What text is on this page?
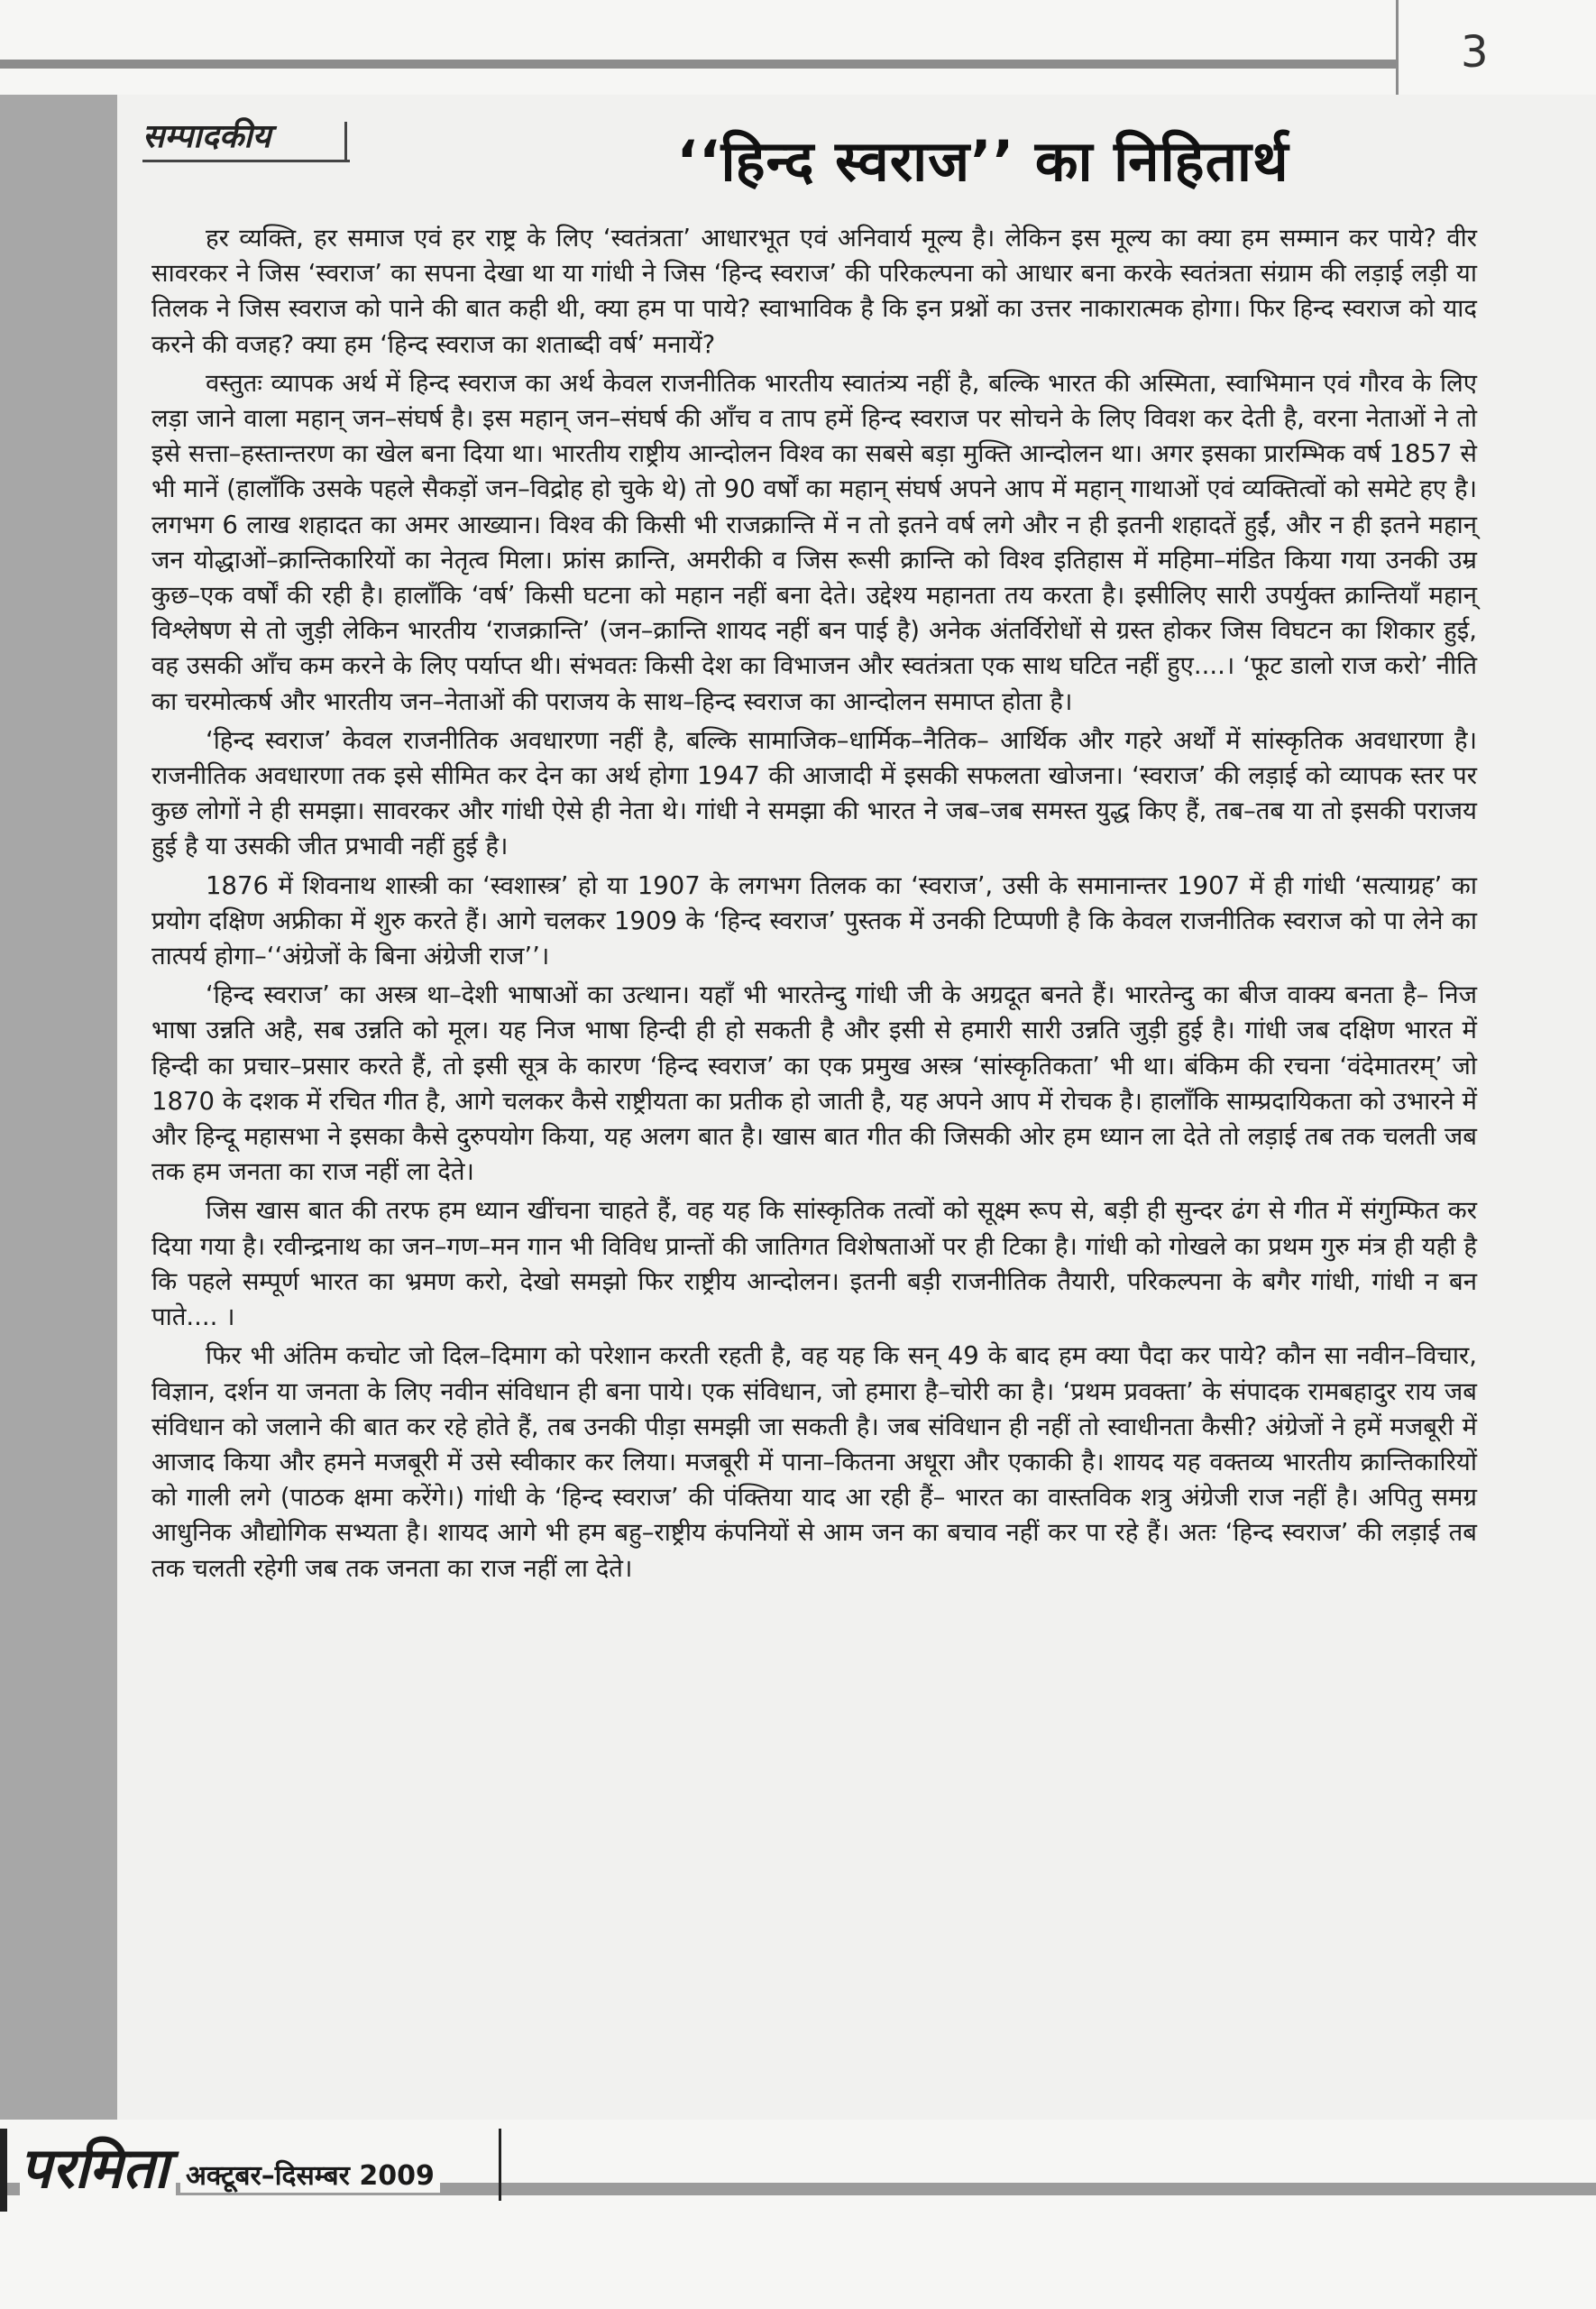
3
सम्पादकीय	‘‘हिन्द स्वराज’’ का निहितार्थ

हर व्यक्ति, हर समाज एवं हर राष्ट्र के लिए ‘स्वतंत्रता’ आधारभूत एवं अनिवार्य मूल्य है। लेकिन इस मूल्य का क्या हम सम्मान कर पाये? वीर सावरकर ने जिस ‘स्वराज’ का सपना देखा था या गांधी ने जिस ‘हिन्द स्वराज’ की परिकल्पना को आधार बना करके स्वतंत्रता संग्राम की लड़ाई लड़ी या तिलक ने जिस स्वराज को पाने की बात कही थी, क्या हम पा पाये? स्वाभाविक है कि इन प्रश्नों का उत्तर नाकारात्मक होगा। फिर हिन्द स्वराज को याद करने की वजह? क्या हम ‘हिन्द स्वराज का शताब्दी वर्ष’ मनायें?

वस्तुतः व्यापक अर्थ में हिन्द स्वराज का अर्थ केवल राजनीतिक भारतीय स्वातंत्र्य नहीं है, बल्कि भारत की अस्मिता, स्वाभिमान एवं गौरव के लिए लड़ा जाने वाला महान् जन–संघर्ष है। इस महान् जन–संघर्ष की आँच व ताप हमें हिन्द स्वराज पर सोचने के लिए विवश कर देती है, वरना नेताओं ने तो इसे सत्ता–हस्तान्तरण का खेल बना दिया था। भारतीय राष्ट्रीय आन्दोलन विश्व का सबसे बड़ा मुक्ति आन्दोलन था। अगर इसका प्रारम्भिक वर्ष 1857 से भी मानें (हालाँकि उसके पहले सैकड़ों जन–विद्रोह हो चुके थे) तो 90 वर्षों का महान् संघर्ष अपने आप में महान् गाथाओं एवं व्यक्तित्वों को समेटे हए है। लगभग 6 लाख शहादत का अमर आख्यान। विश्व की किसी भी राजक्रान्ति में न तो इतने वर्ष लगे और न ही इतनी शहादतें हुईं, और न ही इतने महान् जन योद्धाओं–क्रान्तिकारियों का नेतृत्व मिला। फ्रांस क्रान्ति, अमरीकी व जिस रूसी क्रान्ति को विश्व इतिहास में महिमा–मंडित किया गया उनकी उम्र कुछ–एक वर्षों की रही है। हालाँकि ‘वर्ष’ किसी घटना को महान नहीं बना देते। उद्देश्य महानता तय करता है। इसीलिए सारी उपर्युक्त क्रान्तियाँ महान् विश्लेषण से तो जुड़ी लेकिन भारतीय ‘राजक्रान्ति’ (जन–क्रान्ति शायद नहीं बन पाई है) अनेक अंतर्विरोधों से ग्रस्त होकर जिस विघटन का शिकार हुई, वह उसकी आँच कम करने के लिए पर्याप्त थी। संभवतः किसी देश का विभाजन और स्वतंत्रता एक साथ घटित नहीं हुए....। ‘फूट डालो राज करो’ नीति का चरमोत्कर्ष और भारतीय जन–नेताओं की पराजय के साथ–हिन्द स्वराज का आन्दोलन समाप्त होता है।

‘हिन्द स्वराज’ केवल राजनीतिक अवधारणा नहीं है, बल्कि सामाजिक–धार्मिक–नैतिक– आर्थिक और गहरे अर्थों में सांस्कृतिक अवधारणा है। राजनीतिक अवधारणा तक इसे सीमित कर देन का अर्थ होगा 1947 की आजादी में इसकी सफलता खोजना। ‘स्वराज’ की लड़ाई को व्यापक स्तर पर कुछ लोगों ने ही समझा। सावरकर और गांधी ऐसे ही नेता थे। गांधी ने समझा की भारत ने जब–जब समस्त युद्ध किए हैं, तब–तब या तो इसकी पराजय हुई है या उसकी जीत प्रभावी नहीं हुई है।

1876 में शिवनाथ शास्त्री का ‘स्वशास्त्र’ हो या 1907 के लगभग तिलक का ‘स्वराज’, उसी के समानान्तर 1907 में ही गांधी ‘सत्याग्रह’ का प्रयोग दक्षिण अफ्रीका में शुरु करते हैं। आगे चलकर 1909 के ‘हिन्द स्वराज’ पुस्तक में उनकी टिप्पणी है कि केवल राजनीतिक स्वराज को पा लेने का तात्पर्य होगा–‘‘अंग्रेजों के बिना अंग्रेजी राज’’।

‘हिन्द स्वराज’ का अस्त्र था–देशी भाषाओं का उत्थान। यहाँ भी भारतेन्दु गांधी जी के अग्रदूत बनते हैं। भारतेन्दु का बीज वाक्य बनता है– निज भाषा उन्नति अहै, सब उन्नति को मूल। यह निज भाषा हिन्दी ही हो सकती है और इसी से हमारी सारी उन्नति जुड़ी हुई है। गांधी जब दक्षिण भारत में हिन्दी का प्रचार–प्रसार करते हैं, तो इसी सूत्र के कारण ‘हिन्द स्वराज’ का एक प्रमुख अस्त्र ‘सांस्कृतिकता’ भी था। बंकिम की रचना ‘वंदेमातरम्’ जो 1870 के दशक में रचित गीत है, आगे चलकर कैसे राष्ट्रीयता का प्रतीक हो जाती है, यह अपने आप में रोचक है। हालाँकि साम्प्रदायिकता को उभारने में और हिन्दू महासभा ने इसका कैसे दुरुपयोग किया, यह अलग बात है। खास बात गीत की जिसकी ओर हम ध्यान ला देते तो लड़ाई तब तक चलती जब तक हम जनता का राज नहीं ला देते।

जिस खास बात की तरफ हम ध्यान खींचना चाहते हैं, वह यह कि सांस्कृतिक तत्वों को सूक्ष्म रूप से, बड़ी ही सुन्दर ढंग से गीत में संगुम्फित कर दिया गया है। रवीन्द्रनाथ का जन–गण–मन गान भी विविध प्रान्तों की जातिगत विशेषताओं पर ही टिका है। गांधी को गोखले का प्रथम गुरु मंत्र ही यही है कि पहले सम्पूर्ण भारत का भ्रमण करो, देखो समझो फिर राष्ट्रीय आन्दोलन। इतनी बड़ी राजनीतिक तैयारी, परिकल्पना के बगैर गांधी, गांधी न बन पाते.... ।

फिर भी अंतिम कचोट जो दिल–दिमाग को परेशान करती रहती है, वह यह कि सन् 49 के बाद हम क्या पैदा कर पाये? कौन सा नवीन–विचार, विज्ञान, दर्शन या जनता के लिए नवीन संविधान ही बना पाये। एक संविधान, जो हमारा है–चोरी का है। ‘प्रथम प्रवक्ता’ के संपादक रामबहादुर राय जब संविधान को जलाने की बात कर रहे होते हैं, तब उनकी पीड़ा समझी जा सकती है। जब संविधान ही नहीं तो स्वाधीनता कैसी? अंग्रेजों ने हमें मजबूरी में आजाद किया और हमने मजबूरी में उसे स्वीकार कर लिया। मजबूरी में पाना–कितना अधूरा और एकाकी है। शायद यह वक्तव्य भारतीय क्रान्तिकारियों को गाली लगे (पाठक क्षमा करेंगे।) गांधी के ‘हिन्द स्वराज’ की पंक्तिया याद आ रही हैं– भारत का वास्तविक शत्रु अंग्रेजी राज नहीं है। अपितु समग्र आधुनिक औद्योगिक सभ्यता है। शायद आगे भी हम बहु–राष्ट्रीय कंपनियों से आम जन का बचाव नहीं कर पा रहे हैं। अतः ‘हिन्द स्वराज’ की लड़ाई तब तक चलती रहेगी जब तक जनता का राज नहीं ला देते।

परमिता अक्टूबर–दिसम्बर 2009
